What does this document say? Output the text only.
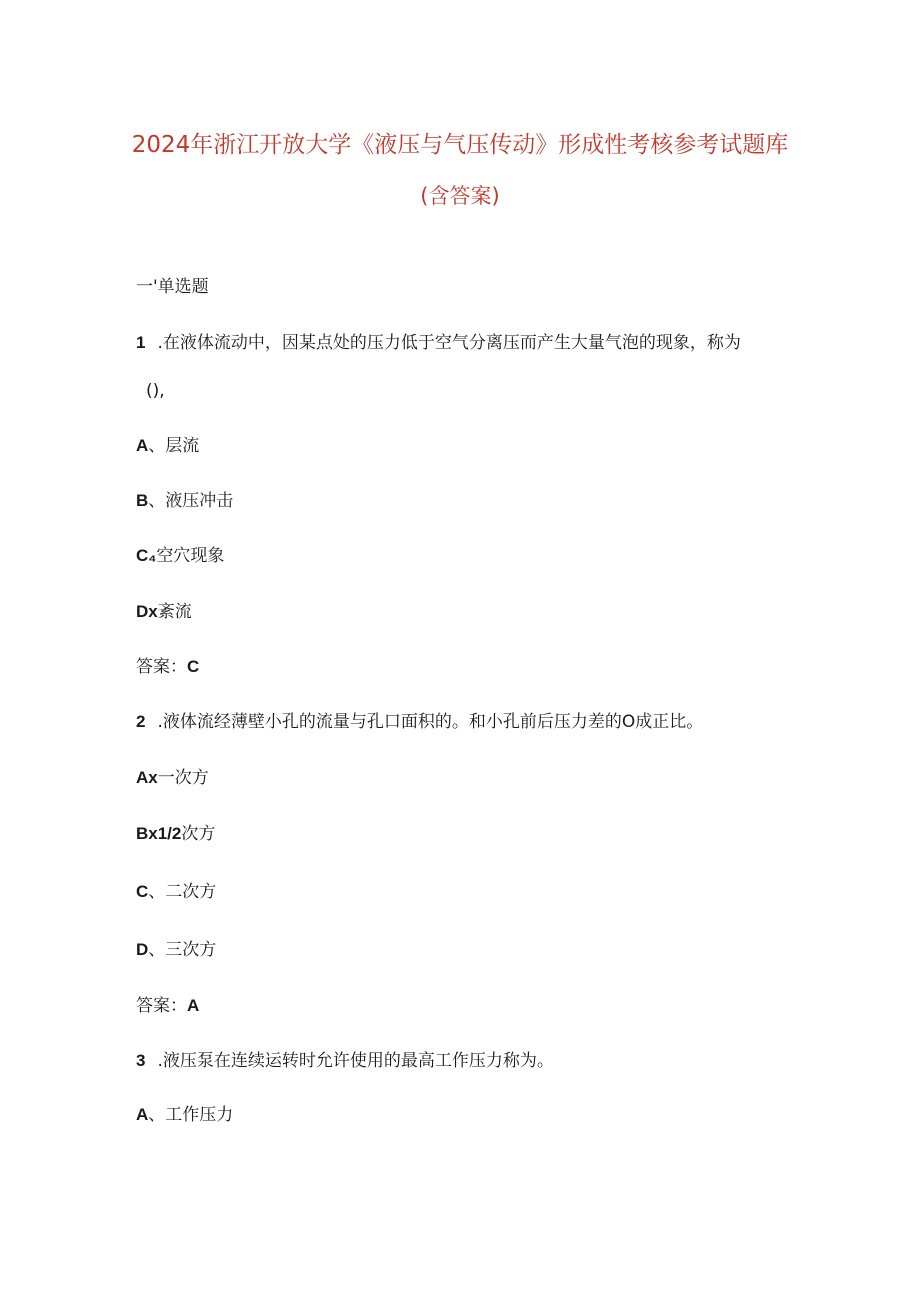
2024年浙江开放大学《液压与气压传动》形成性考核参考试题库
(含答案)
一'单选题
1 .在液体流动中，因某点处的压力低于空气分离压而产生大量气泡的现象，称为
(),
A、层流
B、液压冲击
C₄空穴现象
Dx紊流
答案：C
2 .液体流经薄壁小孔的流量与孔口面积的。和小孔前后压力差的O成正比。
Ax一次方
Bx1/2次方
C、二次方
D、三次方
答案：A
3 .液压泵在连续运转时允许使用的最高工作压力称为。
A、工作压力
